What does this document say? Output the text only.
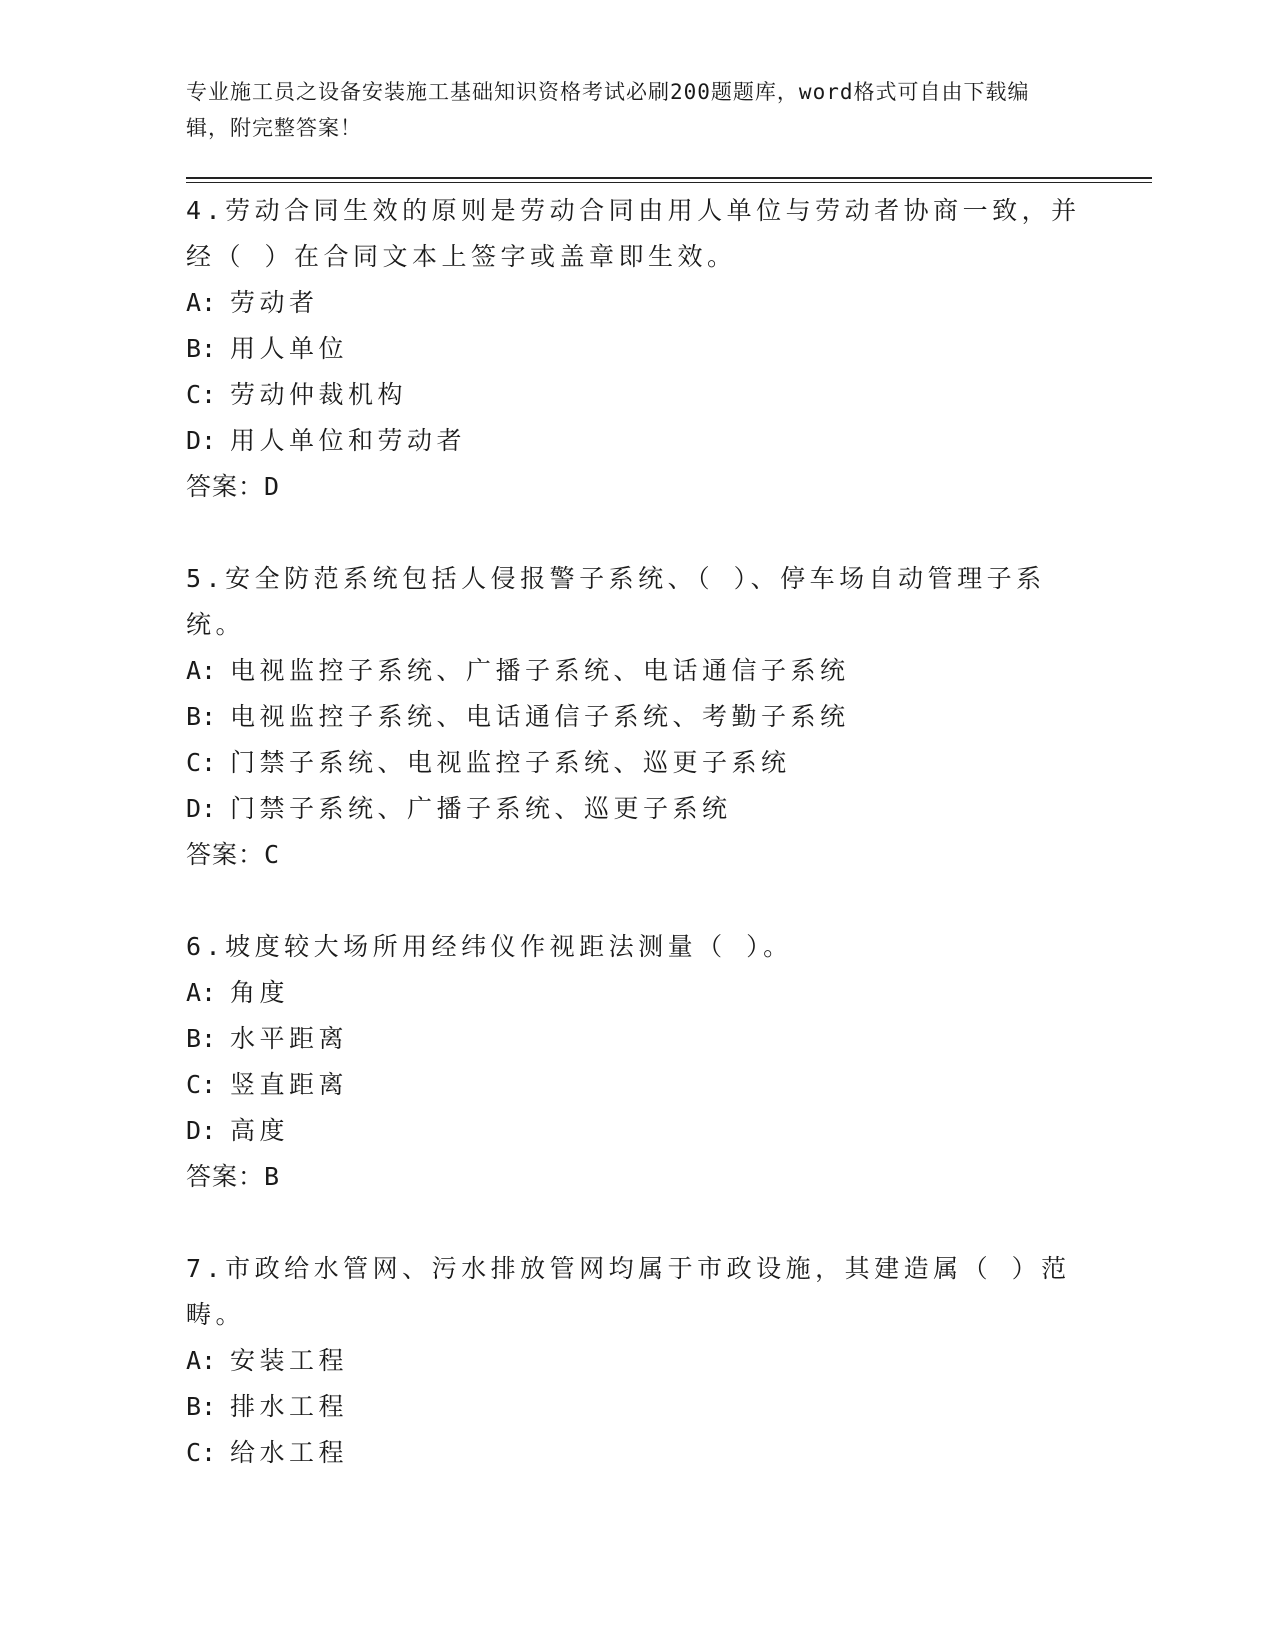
专业施工员之设备安装施工基础知识资格考试必刷200题题库，word格式可自由下载编辑，附完整答案！
4.劳动合同生效的原则是劳动合同由用人单位与劳动者协商一致，并经（ ）在合同文本上签字或盖章即生效。
A: 劳动者
B: 用人单位
C: 劳动仲裁机构
D: 用人单位和劳动者
答案：D
5.安全防范系统包括人侵报警子系统、（ ）、停车场自动管理子系统。
A: 电视监控子系统、广播子系统、电话通信子系统
B: 电视监控子系统、电话通信子系统、考勤子系统
C: 门禁子系统、电视监控子系统、巡更子系统
D: 门禁子系统、广播子系统、巡更子系统
答案：C
6.坡度较大场所用经纬仪作视距法测量（ ）。
A: 角度
B: 水平距离
C: 竖直距离
D: 高度
答案：B
7.市政给水管网、污水排放管网均属于市政设施，其建造属（ ）范畴。
A: 安装工程
B: 排水工程
C: 给水工程
